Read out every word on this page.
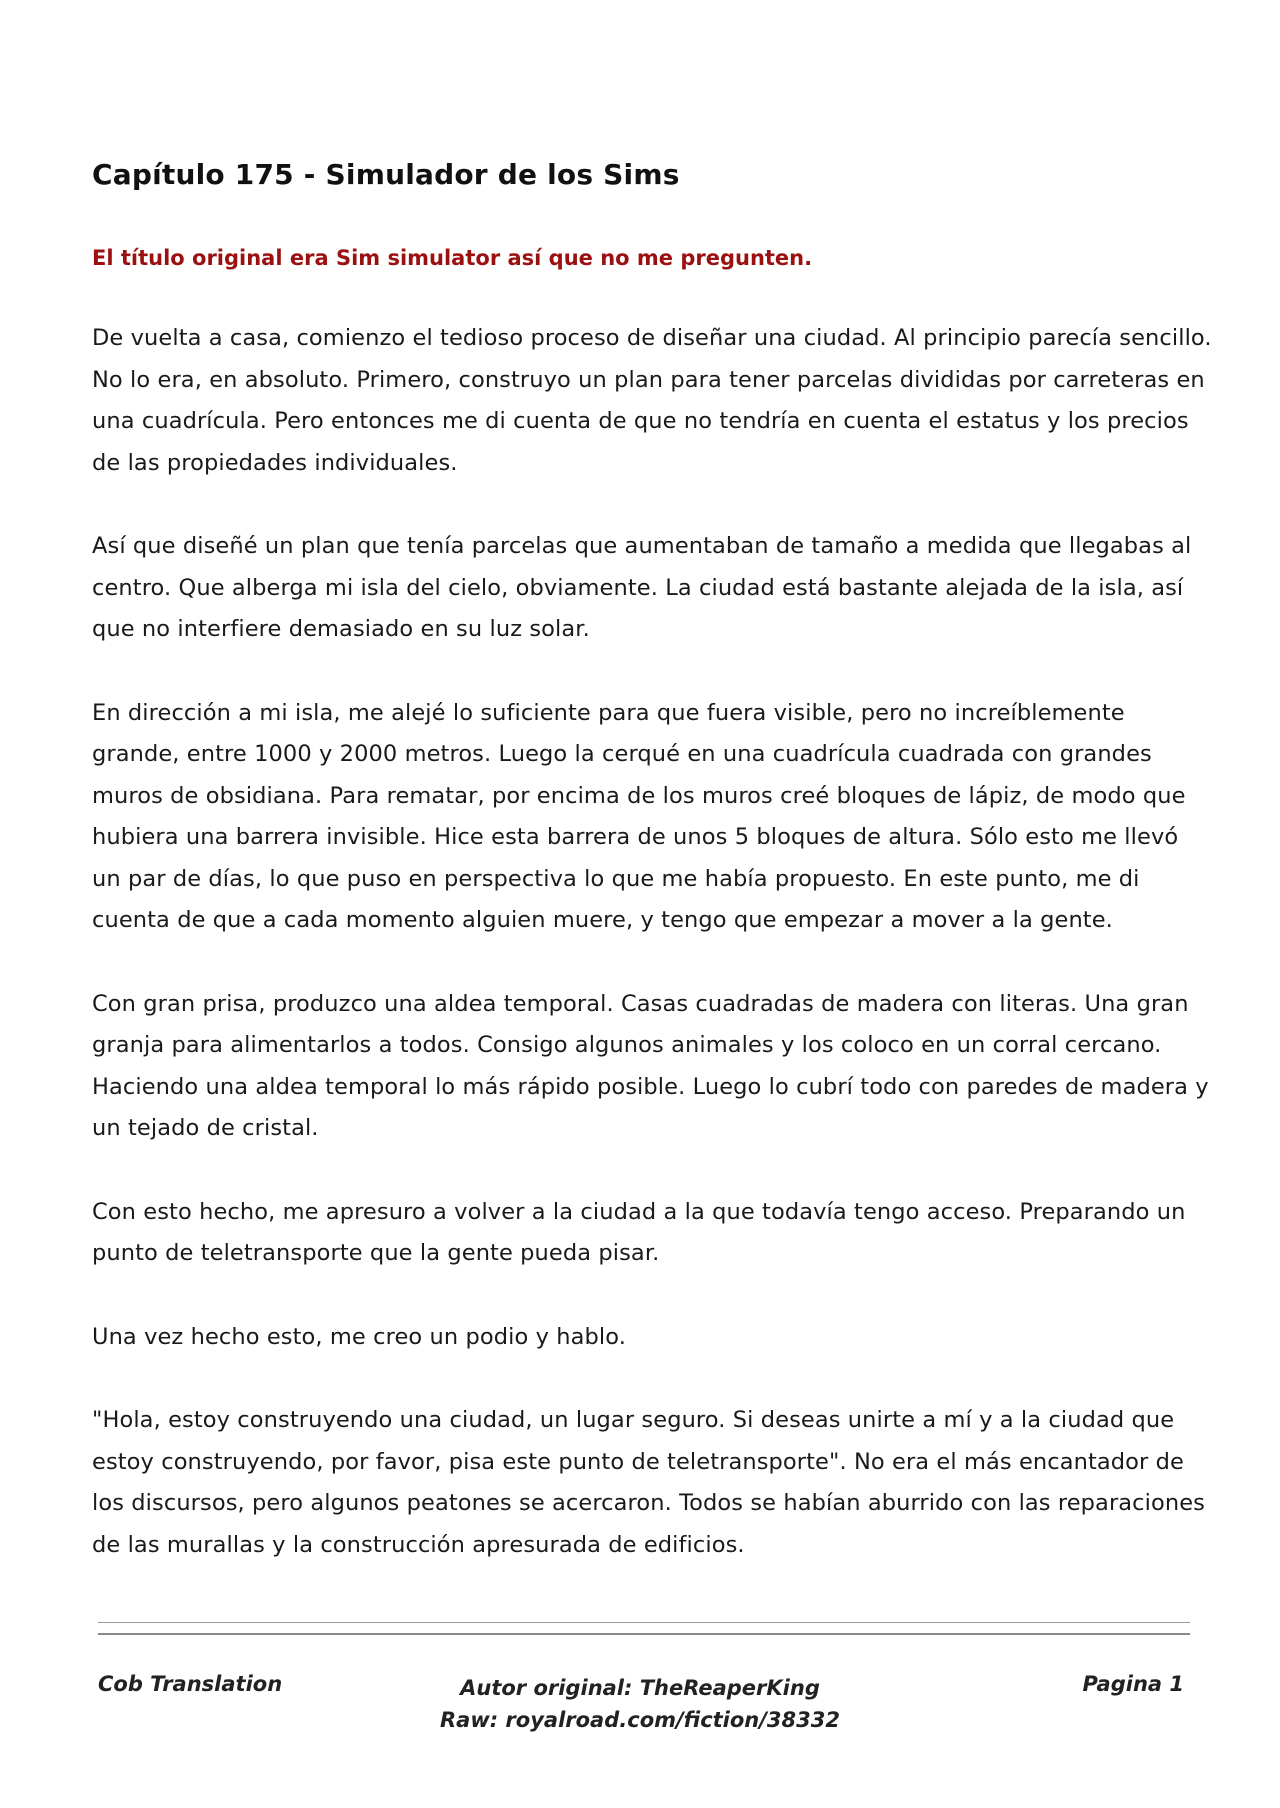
Capítulo 175 - Simulador de los Sims

El título original era Sim simulator así que no me pregunten.

De vuelta a casa, comienzo el tedioso proceso de diseñar una ciudad. Al principio parecía sencillo. No lo era, en absoluto. Primero, construyo un plan para tener parcelas divididas por carreteras en una cuadrícula. Pero entonces me di cuenta de que no tendría en cuenta el estatus y los precios de las propiedades individuales.

Así que diseñé un plan que tenía parcelas que aumentaban de tamaño a medida que llegabas al centro. Que alberga mi isla del cielo, obviamente. La ciudad está bastante alejada de la isla, así que no interfiere demasiado en su luz solar.

En dirección a mi isla, me alejé lo suficiente para que fuera visible, pero no increíblemente grande, entre 1000 y 2000 metros. Luego la cerqué en una cuadrícula cuadrada con grandes muros de obsidiana. Para rematar, por encima de los muros creé bloques de lápiz, de modo que hubiera una barrera invisible. Hice esta barrera de unos 5 bloques de altura. Sólo esto me llevó un par de días, lo que puso en perspectiva lo que me había propuesto. En este punto, me di cuenta de que a cada momento alguien muere, y tengo que empezar a mover a la gente.

Con gran prisa, produzco una aldea temporal. Casas cuadradas de madera con literas. Una gran granja para alimentarlos a todos. Consigo algunos animales y los coloco en un corral cercano. Haciendo una aldea temporal lo más rápido posible. Luego lo cubrí todo con paredes de madera y un tejado de cristal.

Con esto hecho, me apresuro a volver a la ciudad a la que todavía tengo acceso. Preparando un punto de teletransporte que la gente pueda pisar.

Una vez hecho esto, me creo un podio y hablo.

"Hola, estoy construyendo una ciudad, un lugar seguro. Si deseas unirte a mí y a la ciudad que estoy construyendo, por favor, pisa este punto de teletransporte". No era el más encantador de los discursos, pero algunos peatones se acercaron. Todos se habían aburrido con las reparaciones de las murallas y la construcción apresurada de edificios.

Cob Translation	Autor original: TheReaperKing
Raw: royalroad.com/fiction/38332
Pagina 1
